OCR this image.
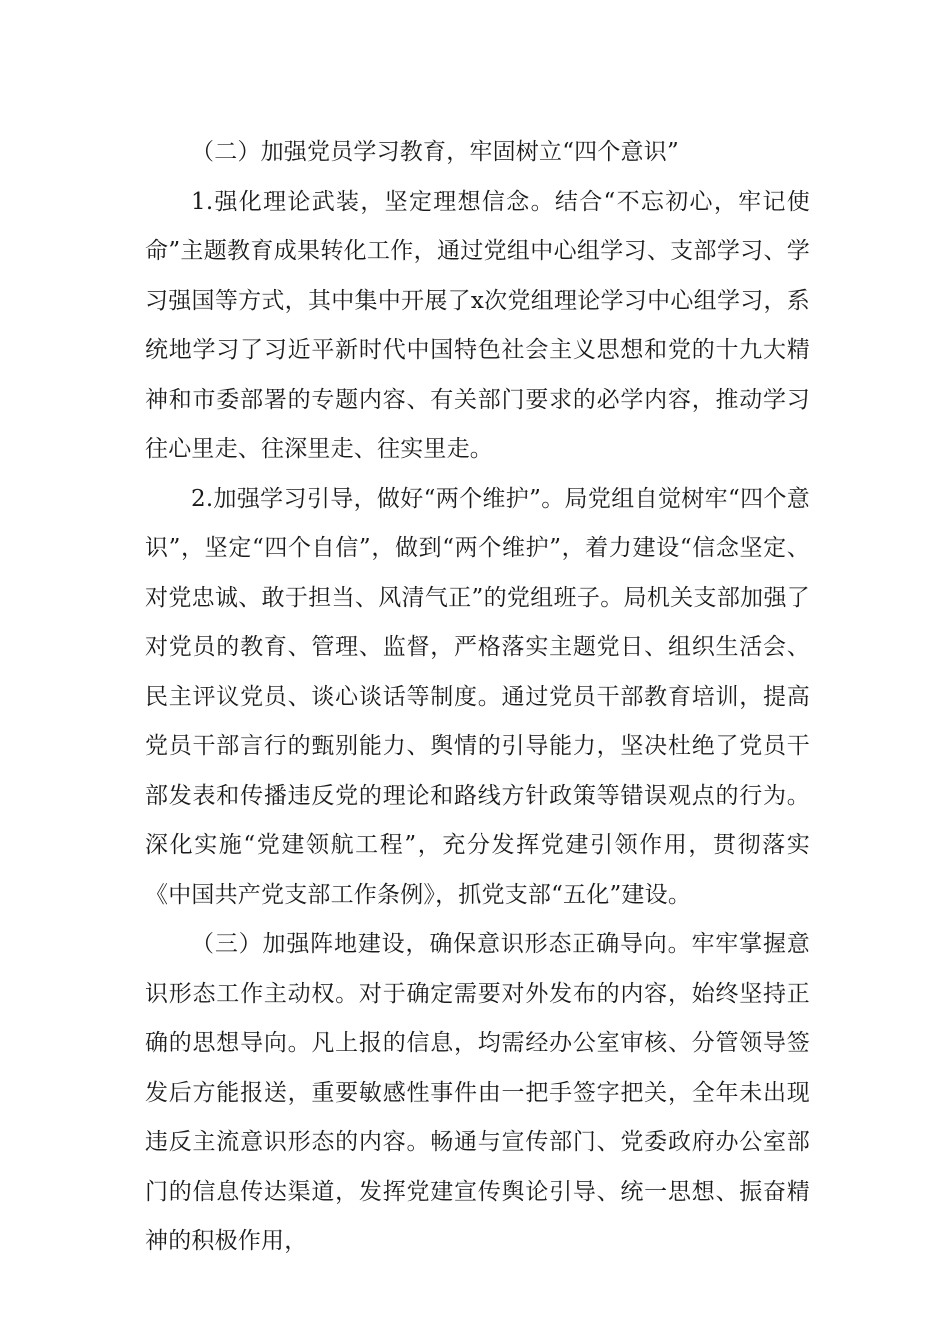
（二）加强党员学习教育，牢固树立“四个意识”

1.强化理论武装，坚定理想信念。结合“不忘初心，牢记使命”主题教育成果转化工作，通过党组中心组学习、支部学习、学习强国等方式，其中集中开展了x次党组理论学习中心组学习，系统地学习了习近平新时代中国特色社会主义思想和党的十九大精神和市委部署的专题内容、有关部门要求的必学内容，推动学习往心里走、往深里走、往实里走。

2.加强学习引导，做好“两个维护”。局党组自觉树牢“四个意识”，坚定“四个自信”，做到“两个维护”，着力建设“信念坚定、对党忠诚、敢于担当、风清气正”的党组班子。局机关支部加强了对党员的教育、管理、监督，严格落实主题党日、组织生活会、民主评议党员、谈心谈话等制度。通过党员干部教育培训，提高党员干部言行的甄别能力、舆情的引导能力，坚决杜绝了党员干部发表和传播违反党的理论和路线方针政策等错误观点的行为。深化实施“党建领航工程”，充分发挥党建引领作用，贯彻落实《中国共产党支部工作条例》，抓党支部“五化”建设。

（三）加强阵地建设，确保意识形态正确导向。牢牢掌握意识形态工作主动权。对于确定需要对外发布的内容，始终坚持正确的思想导向。凡上报的信息，均需经办公室审核、分管领导签发后方能报送，重要敏感性事件由一把手签字把关，全年未出现违反主流意识形态的内容。畅通与宣传部门、党委政府办公室部门的信息传达渠道，发挥党建宣传舆论引导、统一思想、振奋精神的积极作用，
